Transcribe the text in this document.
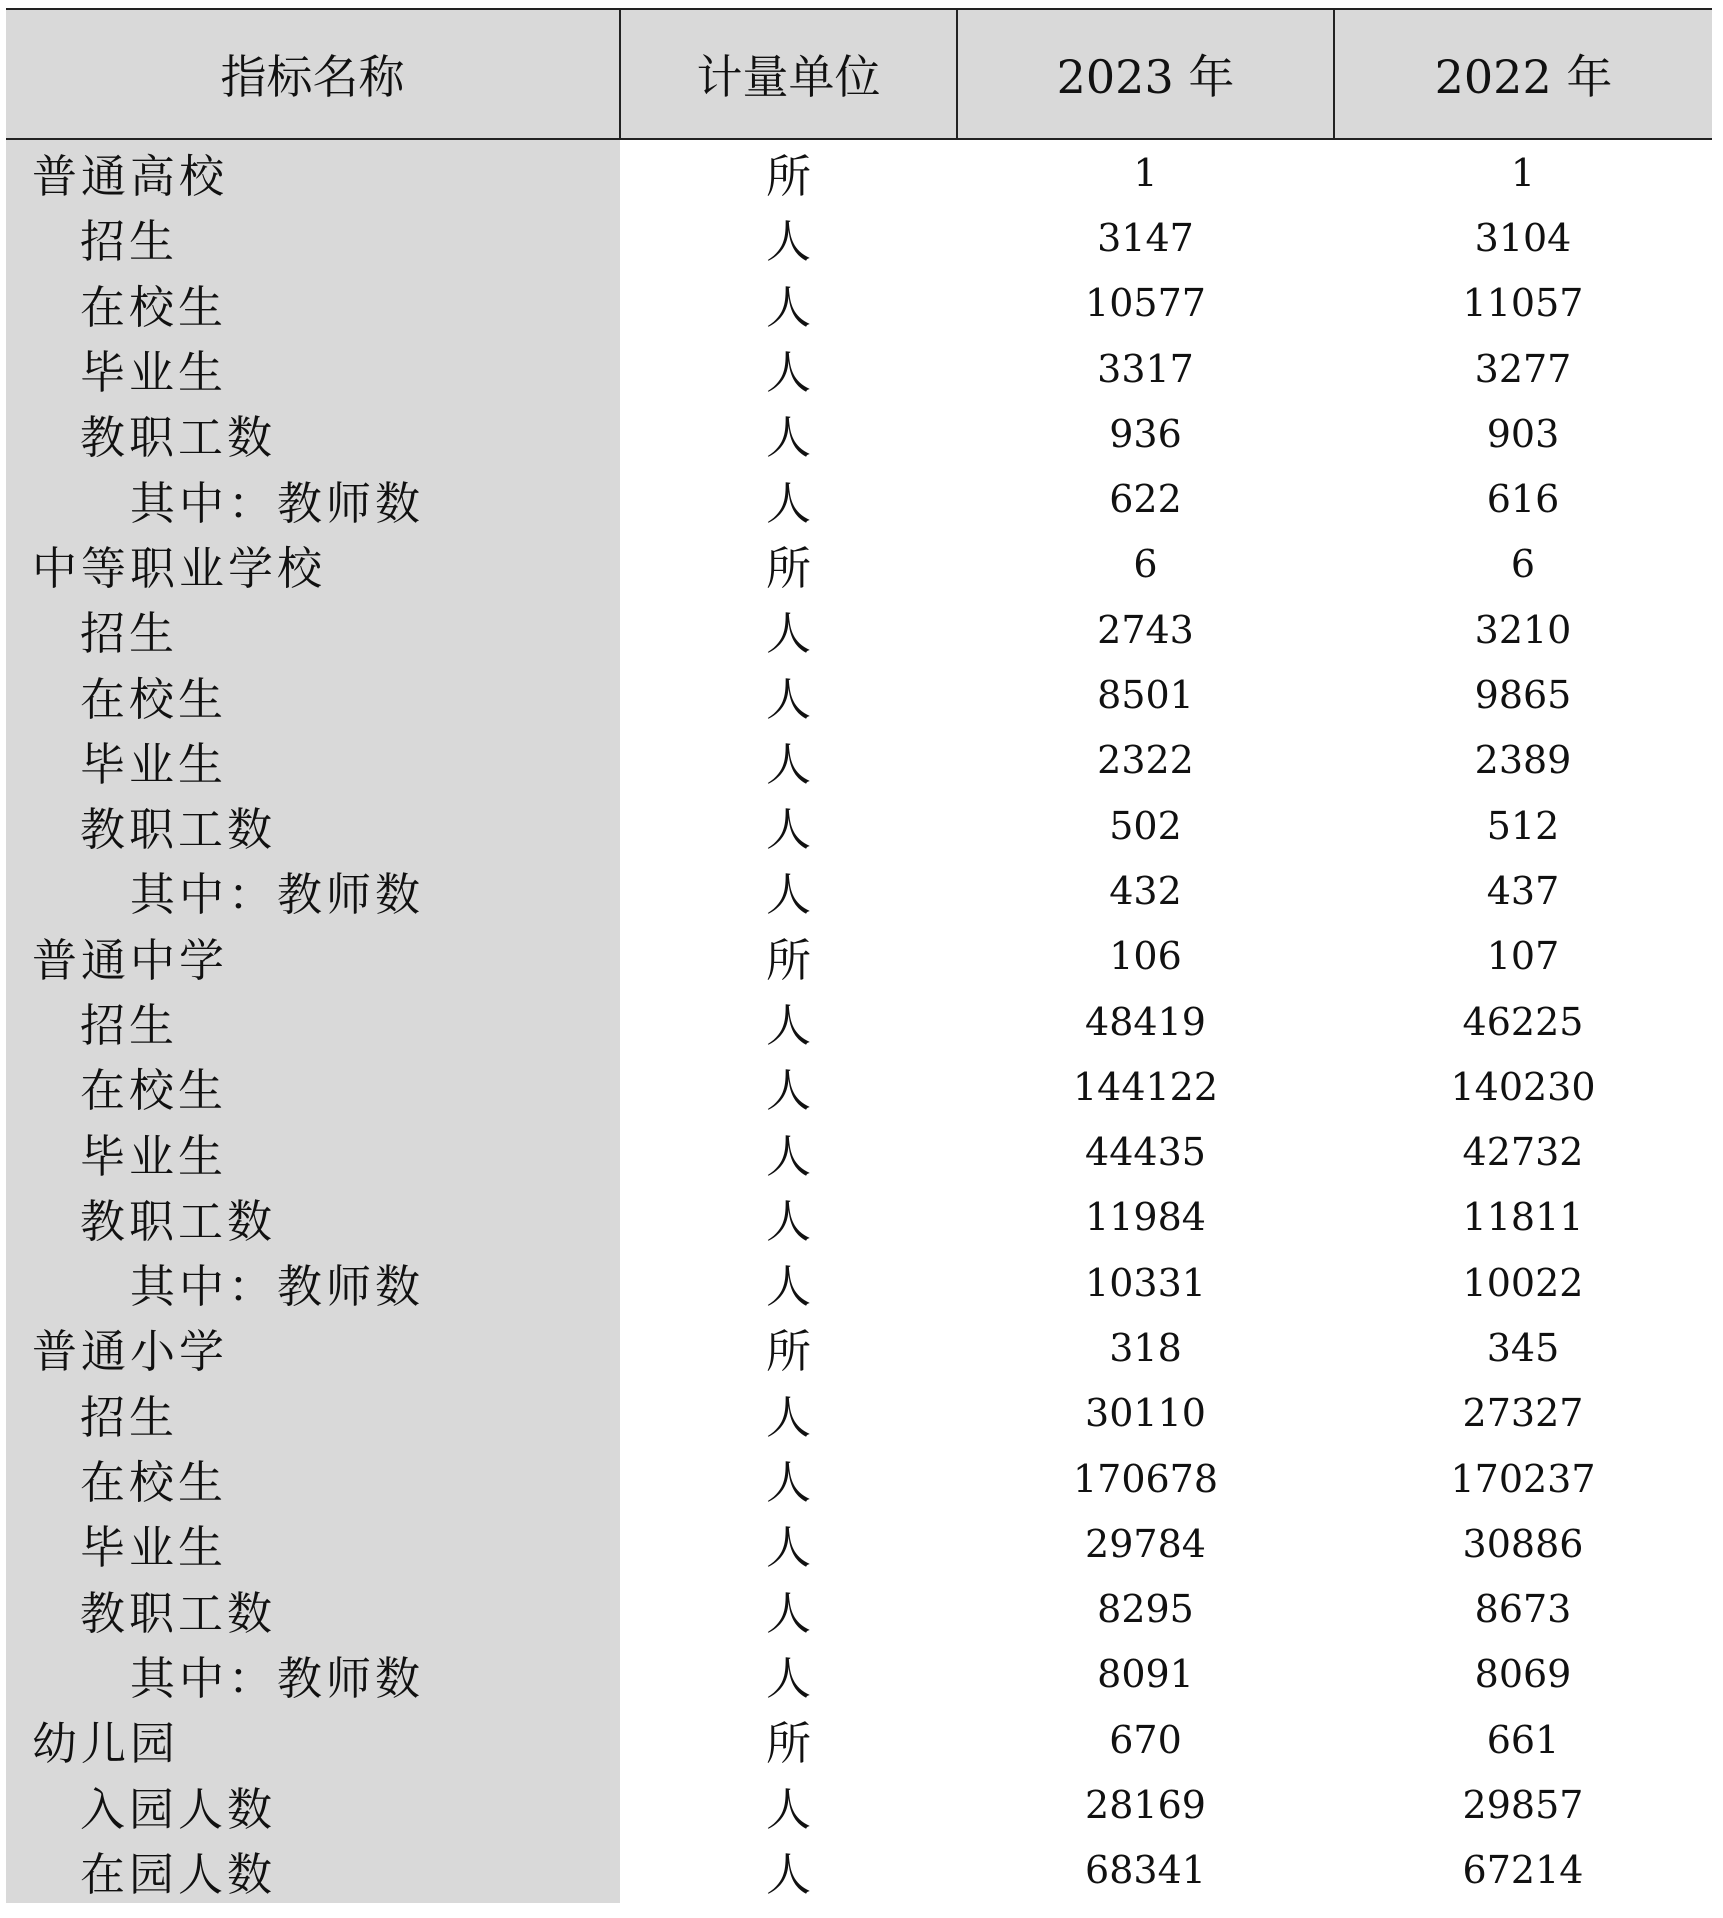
指标名称	计量单位	2023 年	2022 年
普通高校	所	1	1
招生	人	3147	3104
在校生	人	10577	11057
毕业生	人	3317	3277
教职工数	人	936	903
其中：教师数	人	622	616
中等职业学校	所	6	6
招生	人	2743	3210
在校生	人	8501	9865
毕业生	人	2322	2389
教职工数	人	502	512
其中：教师数	人	432	437
普通中学	所	106	107
招生	人	48419	46225
在校生	人	144122	140230
毕业生	人	44435	42732
教职工数	人	11984	11811
其中：教师数	人	10331	10022
普通小学	所	318	345
招生	人	30110	27327
在校生	人	170678	170237
毕业生	人	29784	30886
教职工数	人	8295	8673
其中：教师数	人	8091	8069
幼儿园	所	670	661
入园人数	人	28169	29857
在园人数	人	68341	67214
